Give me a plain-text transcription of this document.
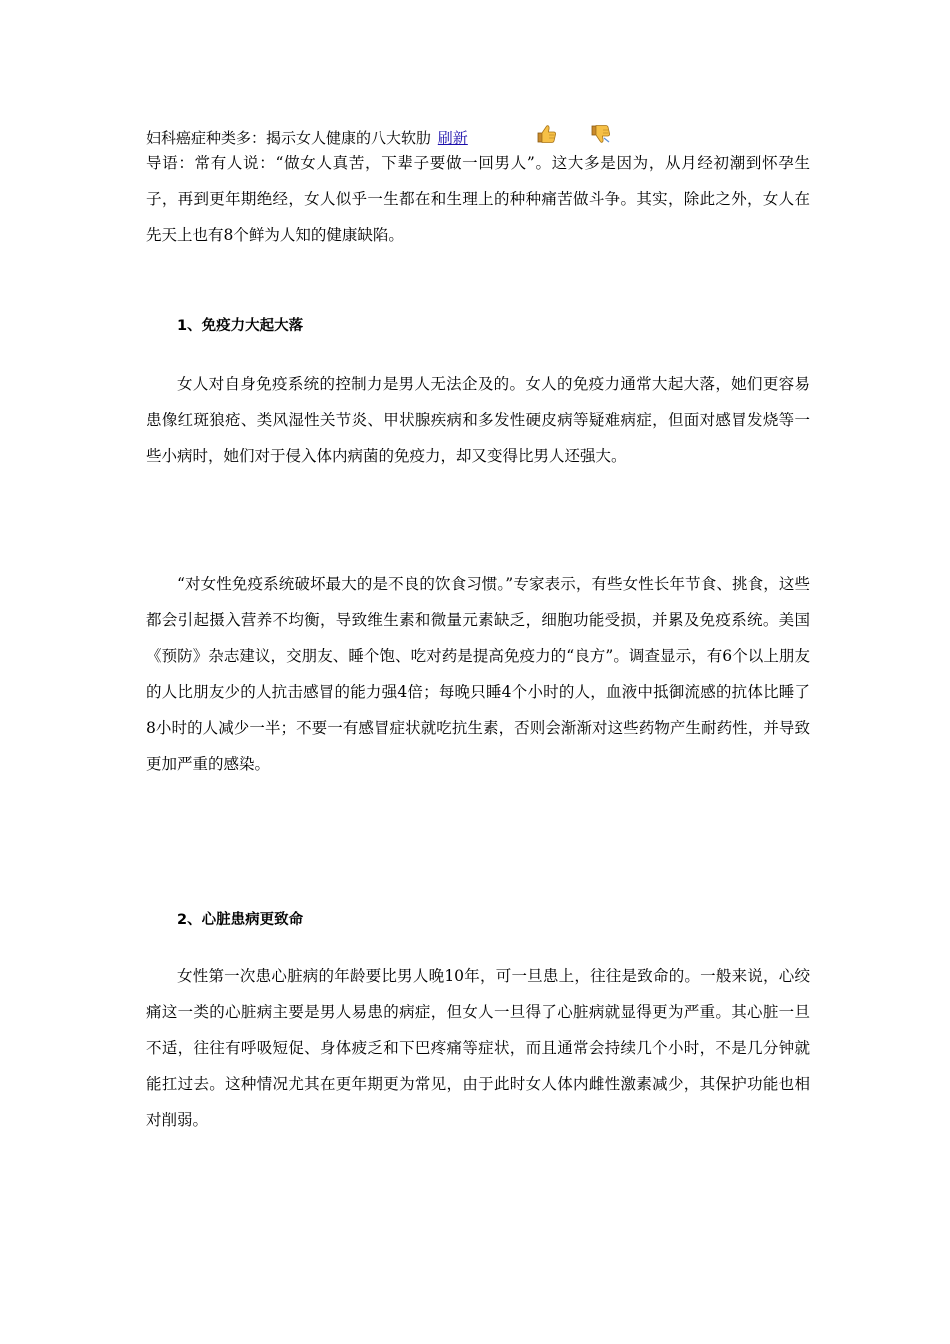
妇科癌症种类多：揭示女人健康的八大软肋 刷新

导语：常有人说：“做女人真苦，下辈子要做一回男人”。这大多是因为，从月经初潮到怀孕生子，再到更年期绝经，女人似乎一生都在和生理上的种种痛苦做斗争。其实，除此之外，女人在先天上也有8个鲜为人知的健康缺陷。

1、免疫力大起大落

女人对自身免疫系统的控制力是男人无法企及的。女人的免疫力通常大起大落，她们更容易患像红斑狼疮、类风湿性关节炎、甲状腺疾病和多发性硬皮病等疑难病症，但面对感冒发烧等一些小病时，她们对于侵入体内病菌的免疫力，却又变得比男人还强大。

“对女性免疫系统破坏最大的是不良的饮食习惯。”专家表示，有些女性长年节食、挑食，这些都会引起摄入营养不均衡，导致维生素和微量元素缺乏，细胞功能受损，并累及免疫系统。美国《预防》杂志建议，交朋友、睡个饱、吃对药是提高免疫力的“良方”。调查显示，有6个以上朋友的人比朋友少的人抗击感冒的能力强4倍；每晚只睡4个小时的人，血液中抵御流感的抗体比睡了8小时的人减少一半；不要一有感冒症状就吃抗生素，否则会渐渐对这些药物产生耐药性，并导致更加严重的感染。

2、心脏患病更致命

女性第一次患心脏病的年龄要比男人晚10年，可一旦患上，往往是致命的。一般来说，心绞痛这一类的心脏病主要是男人易患的病症，但女人一旦得了心脏病就显得更为严重。其心脏一旦不适，往往有呼吸短促、身体疲乏和下巴疼痛等症状，而且通常会持续几个小时，不是几分钟就能扛过去。这种情况尤其在更年期更为常见，由于此时女人体内雌性激素减少，其保护功能也相对削弱。
